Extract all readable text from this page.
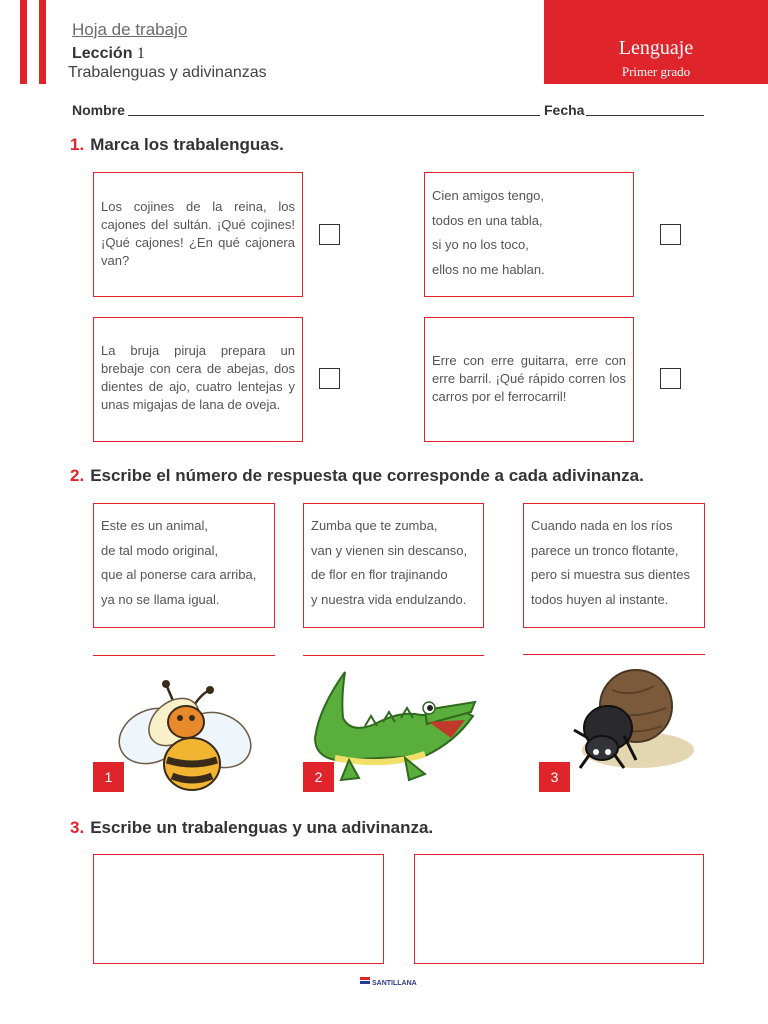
Hoja de trabajo
Lección 1
Trabalenguas y adivinanzas
Lenguaje
Primer grado
Nombre	Fecha
1. Marca los trabalenguas.
Los cojines de la reina, los cajones del sultán. ¡Qué cojines! ¡Qué cajones! ¿En qué cajonera van?
Cien amigos tengo,
todos en una tabla,
si yo no los toco,
ellos no me hablan.
La bruja piruja prepara un brebaje con cera de abejas, dos dientes de ajo, cuatro lentejas y unas migajas de lana de oveja.
Erre con erre guitarra, erre con erre barril. ¡Qué rápido corren los carros por el ferrocarril!
2. Escribe el número de respuesta que corresponde a cada adivinanza.
Este es un animal,
de tal modo original,
que al ponerse cara arriba,
ya no se llama igual.
Zumba que te zumba,
van y vienen sin descanso,
de flor en flor trajinando
y nuestra vida endulzando.
Cuando nada en los ríos
parece un tronco flotante,
pero si muestra sus dientes
todos huyen al instante.
1	2	3
3. Escribe un trabalenguas y una adivinanza.
SANTILLANA
